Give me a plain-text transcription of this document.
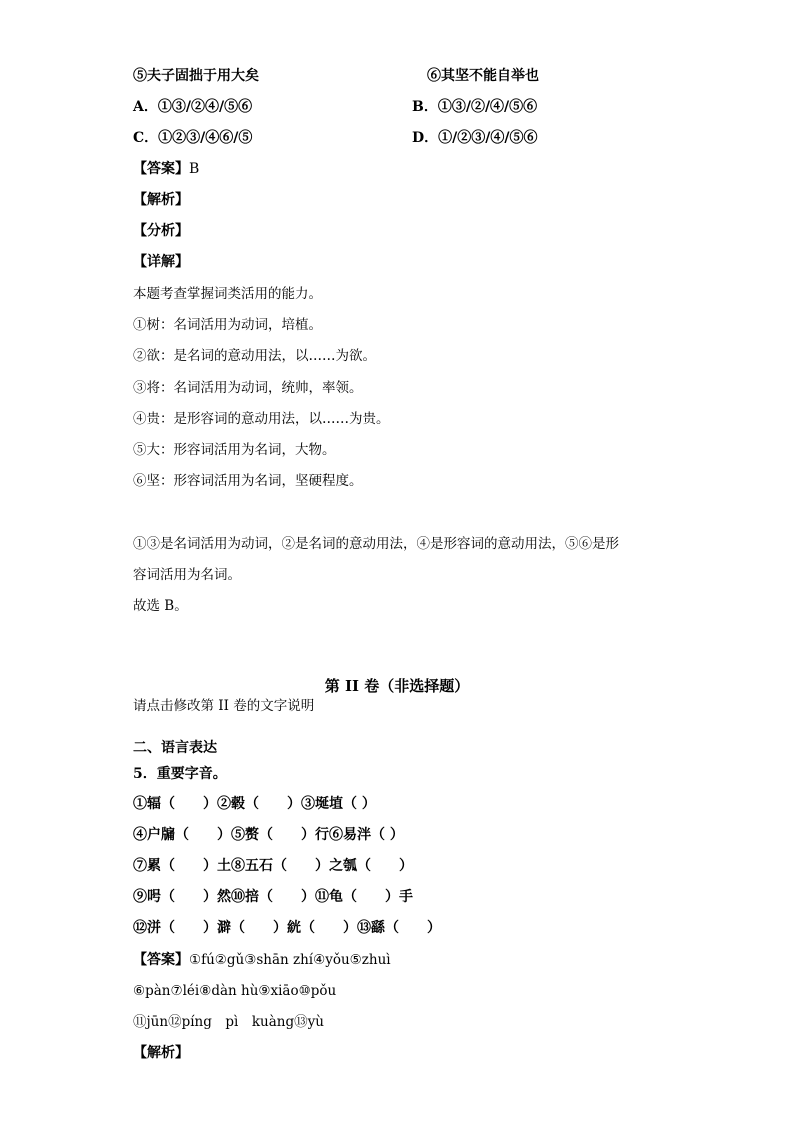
⑤夫子固拙于用大矣	⑥其坚不能自举也
A．①③/②④/⑤⑥	B．①③/②/④/⑤⑥
C．①②③/④⑥/⑤	D．①/②③/④/⑤⑥
【答案】B
【解析】
【分析】
【详解】
本题考查掌握词类活用的能力。
①树：名词活用为动词，培植。
②欲：是名词的意动用法，以……为欲。
③将：名词活用为动词，统帅，率领。
④贵：是形容词的意动用法，以……为贵。
⑤大：形容词活用为名词，大物。
⑥坚：形容词活用为名词，坚硬程度。
①③是名词活用为动词，②是名词的意动用法，④是形容词的意动用法，⑤⑥是形
容词活用为名词。
故选 B。
第 II 卷（非选择题）
请点击修改第 II 卷的文字说明
二、语言表达
5．重要字音。
①辐（　　）②毂（　　）③埏埴（ ）
④户牖（　　）⑤赘（　　）行⑥易泮（ ）
⑦累（　　）土⑧五石（　　）之瓠（　　）
⑨呺（　　）然⑩掊（　　）⑪龟（　　）手
⑫洴（　　）澼（　　）絖（　　）⑬繇（　　）
【答案】①fú②gǔ③shān zhí④yǒu⑤zhuì
⑥pàn⑦léi⑧dàn hù⑨xiāo⑩pǒu
⑪jūn⑫píng　pì　kuàng⑬yù
【解析】
